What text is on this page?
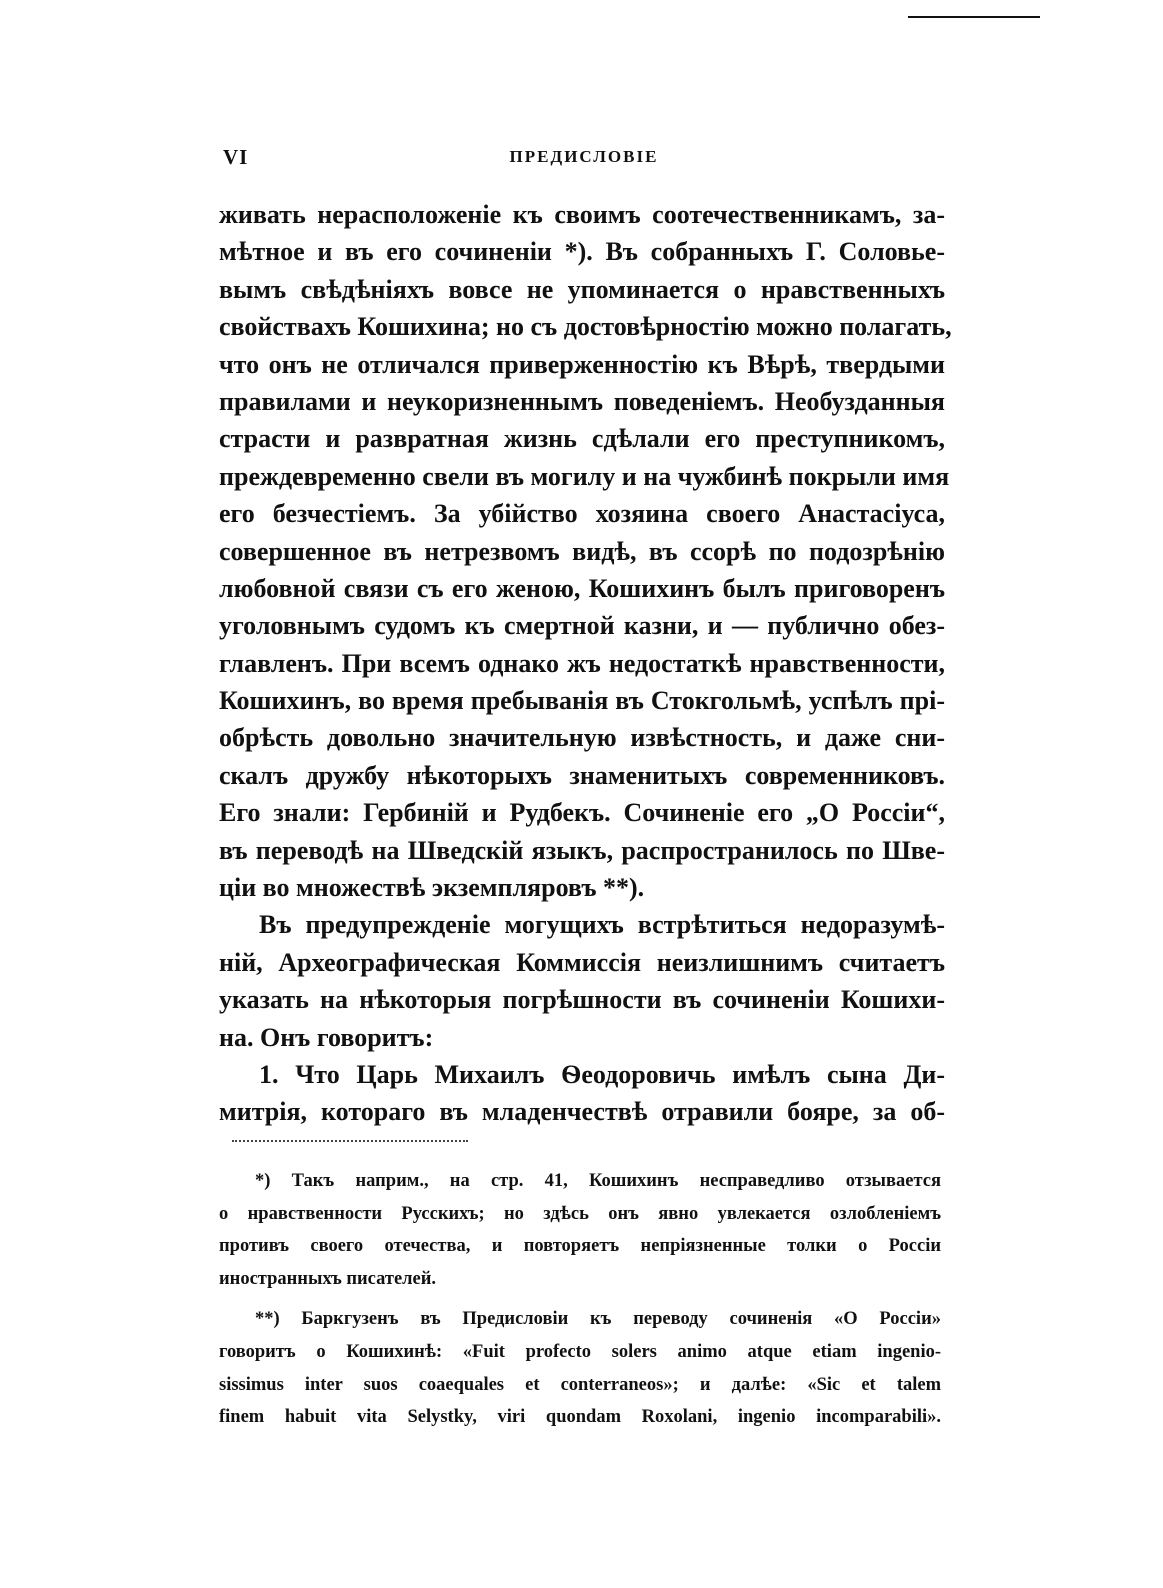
VI	ПРЕДИСЛОВІЕ
живать нерасположенiе къ своимъ соотечественникамъ, за-
мѣтное и въ его сочиненіи *). Въ собранныхъ Г. Соловье-
вымъ свѣдѣніяхъ вовсе не упоминается о нравственныхъ
свойствахъ Кошихина; но съ достовѣрностію можно полагать,
что онъ не отличался приверженностію къ Вѣрѣ, твердыми
правилами и неукоризненнымъ поведеніемъ. Необузданныя
страсти и развратная жизнь сдѣлали его преступникомъ,
преждевременно свели въ могилу и на чужбинѣ покрыли имя
его безчестіемъ. За убійство хозяина своего Анастасіуса,
совершенное въ нетрезвомъ видѣ, въ ссорѣ по подозрѣнію
любовной связи съ его женою, Кошихинъ былъ приговоренъ
уголовнымъ судомъ къ смертной казни, и — публично обез-
главленъ. При всемъ однако жъ недостаткѣ нравственности,
Кошихинъ, во время пребыванія въ Стокгольмѣ, успѣлъ прі-
обрѣсть довольно значительную извѣстность, и даже сни-
скалъ дружбу нѣкоторыхъ знаменитыхъ современниковъ.
Его знали: Гербиній и Рудбекъ. Сочиненіе его „О Россіи“,
въ переводѣ на Шведскій языкъ, распространилось по Шве-
ціи во множествѣ экземпляровъ **).
Въ предупрежденіе могущихъ встрѣтиться недоразумѣ-
ній, Археографическая Коммиссія неизлишнимъ считаетъ
указать на нѣкоторыя погрѣшности въ сочиненіи Кошихи-
на. Онъ говоритъ:
1. Что Царь Михаилъ Ѳеодоровичь имѣлъ сына Ди-
митрія, котораго въ младенчествѣ отравили бояре, за об-
*) Такъ наприм., на стр. 41, Кошихинъ несправедливо отзывается
о нравственности Русскихъ; но здѣсь онъ явно увлекается озлобленіемъ
противъ своего отечества, и повторяетъ непріязненные толки о Россіи
иностранныхъ писателей.
**) Баркгузенъ въ Предисловіи къ переводу сочиненія «О Россіи»
говоритъ о Кошихинѣ: «Fuit profecto solers animo atque etiam ingenio-
sissimus inter suos coaequales et conterraneos»; и далѣе: «Sic et talem
finem habuit vita Selystky, viri quondam Roxolani, ingenio incomparabili».
